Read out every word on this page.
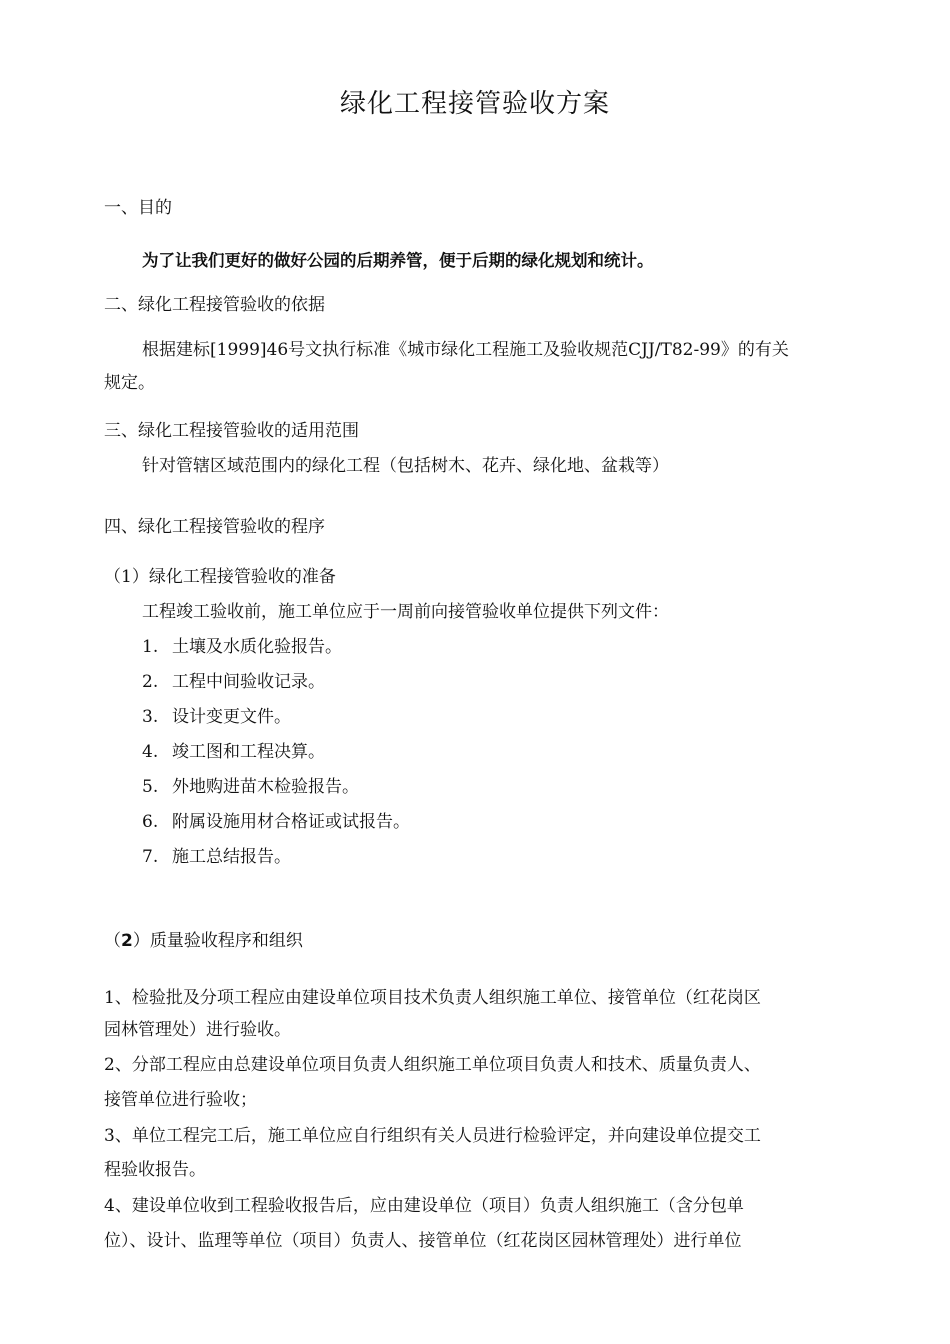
绿化工程接管验收方案
一、目的
为了让我们更好的做好公园的后期养管，便于后期的绿化规划和统计。
二、绿化工程接管验收的依据
根据建标[1999]46号文执行标准《城市绿化工程施工及验收规范CJJ/T82-99》的有关
规定。
三、绿化工程接管验收的适用范围
针对管辖区域范围内的绿化工程（包括树木、花卉、绿化地、盆栽等）
四、绿化工程接管验收的程序
（1）绿化工程接管验收的准备
工程竣工验收前，施工单位应于一周前向接管验收单位提供下列文件：
1. 土壤及水质化验报告。
2. 工程中间验收记录。
3. 设计变更文件。
4. 竣工图和工程决算。
5. 外地购进苗木检验报告。
6. 附属设施用材合格证或试报告。
7. 施工总结报告。
（2）质量验收程序和组织
1、检验批及分项工程应由建设单位项目技术负责人组织施工单位、接管单位（红花岗区
园林管理处）进行验收。
2、分部工程应由总建设单位项目负责人组织施工单位项目负责人和技术、质量负责人、
接管单位进行验收；
3、单位工程完工后，施工单位应自行组织有关人员进行检验评定，并向建设单位提交工
程验收报告。
4、建设单位收到工程验收报告后，应由建设单位（项目）负责人组织施工（含分包单
位）、设计、监理等单位（项目）负责人、接管单位（红花岗区园林管理处）进行单位
